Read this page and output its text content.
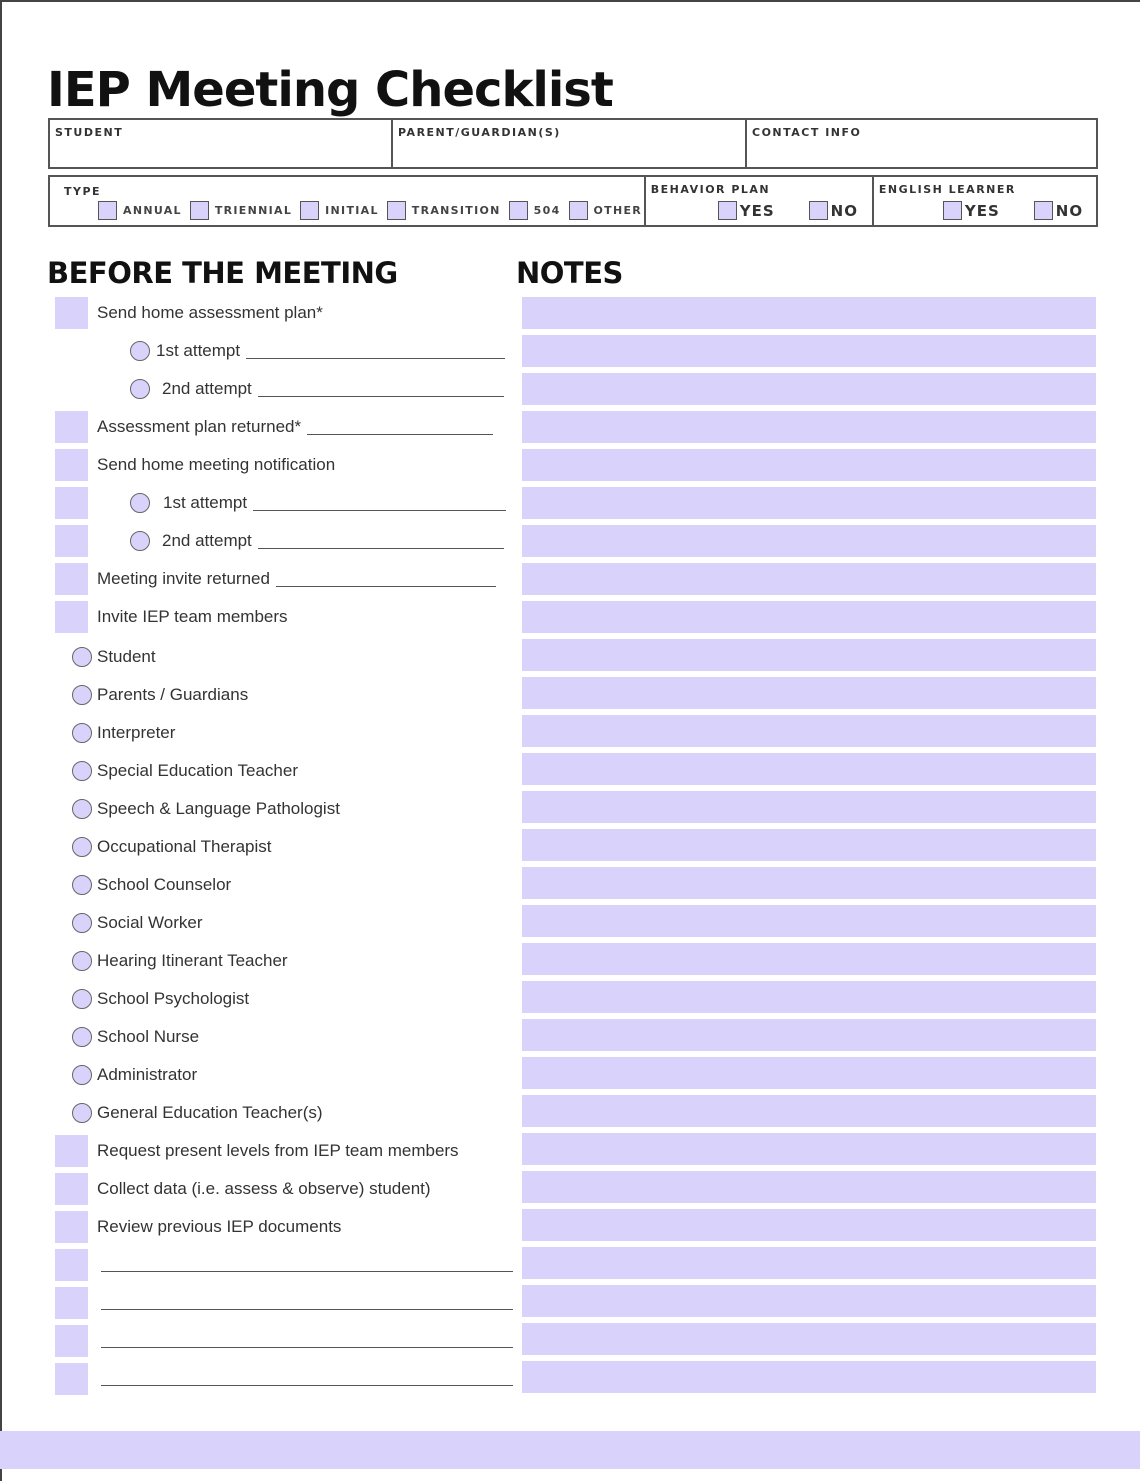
IEP Meeting Checklist
STUDENT	PARENT/GUARDIAN(S)	CONTACT INFO
TYPE
ANNUAL	TRIENNIAL	INITIAL	TRANSITION	504	OTHER
BEHAVIOR PLAN
YES	NO
ENGLISH LEARNER
YES	NO
BEFORE THE MEETING	NOTES
Send home assessment plan*
1st attempt
2nd attempt
Assessment plan returned*
Send home meeting notification
1st attempt
2nd attempt
Meeting invite returned
Invite IEP team members
Student
Parents / Guardians
Interpreter
Special Education Teacher
Speech & Language Pathologist
Occupational Therapist
School Counselor
Social Worker
Hearing Itinerant Teacher
School Psychologist
School Nurse
Administrator
General Education Teacher(s)
Request present levels from IEP team members
Collect data (i.e. assess & observe) student)
Review previous IEP documents
